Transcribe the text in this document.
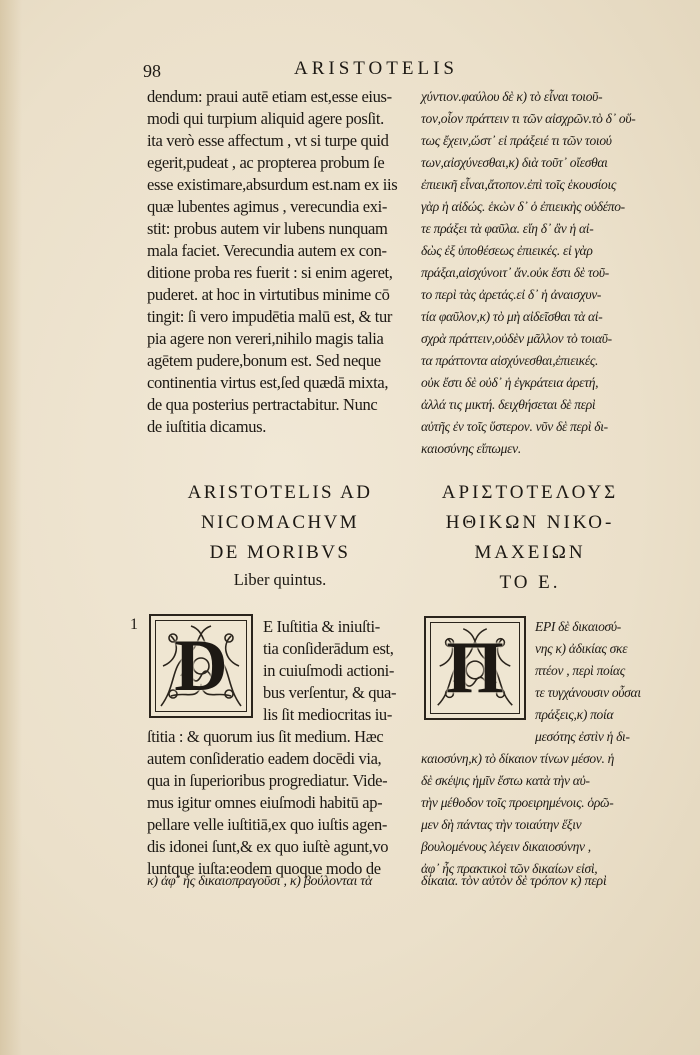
98	ARISTOTELIS
dendum: praui autē etiam est,esse eius-
modi qui turpium aliquid agere posſit.
ita verò esse affectum , vt si turpe quid
egerit,pudeat , ac propterea probum ſe
esse existimare,absurdum est.nam ex iis
quæ lubentes agimus , verecundia exi-
stit: probus autem vir lubens nunquam
mala faciet. Verecundia autem ex con-
ditione proba res fuerit : si enim ageret,
puderet. at hoc in virtutibus minime cō
tingit: ſi vero impudētia malū est, & tur
pia agere non vereri,nihilo magis talia
agētem pudere,bonum est. Sed neque
continentia virtus est,ſed quædā mixta,
de qua posterius pertractabitur. Nunc
de iuſtitia dicamus.
χύντιον.φαύλου δὲ κ) τὸ εἶναι τοιοῦ-
τον,οἷον πράττειν τι τῶν αἰσχρῶν.τὸ δ᾽ οὕ-
τως ἔχειν,ὥστ᾽ εἰ πράξειέ τι τῶν τοιού
των,αἰσχύνεσθαι,κ) διὰ τοῦτ᾽ οἴεσθαι
ἐπιεικῆ εἶναι,ἄτοπον.ἐπὶ τοῖς ἑκουσίοις
γὰρ ἡ αἰδώς. ἑκὼν δ᾽ ὁ ἐπιεικὴς οὐδέπο-
τε πράξει τὰ φαῦλα. εἴη δ᾽ ἂν ἡ αἰ-
δὼς ἐξ ὑποθέσεως ἐπιεικές. εἰ γὰρ
πράξαι,αἰσχύνοιτ᾽ ἄν.οὐκ ἔστι δὲ τοῦ-
το περὶ τὰς ἀρετάς.εἰ δ᾽ ἡ ἀναισχυν-
τία φαῦλον,κ) τὸ μὴ αἰδεῖσθαι τὰ αἰ-
σχρὰ πράττειν,οὐδὲν μᾶλλον τὸ τοιαῦ-
τα πράττοντα αἰσχύνεσθαι,ἐπιεικές.
οὐκ ἔστι δὲ οὐδ᾽ ἡ ἐγκράτεια ἀρετή,
ἀλλά τις μικτή. δειχθήσεται δὲ περὶ
αὐτῆς ἐν τοῖς ὕστερον. νῦν δὲ περὶ δι-
καιοσύνης εἴπωμεν.
ARISTOTELIS AD
NICOMACHVM
DE MORIBVS
Liber quintus.
ΑΡΙΣΤΟΤΕΛΟΥΣ
ΗΘΙΚΩΝ ΝΙΚΟ-
ΜΑΧΕΙΩΝ
ΤΟ Ε.
1 D	Π
E Iuſtitia & iniuſti-
tia conſiderādum est,
in cuiuſmodi actioni-
bus verſentur, & qua-
lis ſit mediocritas iu-
ſtitia : & quorum ius ſit medium. Hæc
autem conſideratio eadem docēdi via,
qua in ſuperioribus progrediatur. Vide-
mus igitur omnes eiuſmodi habitū ap-
pellare velle iuſtitiā,ex quo iuſtis agen-
dis idonei ſunt,& ex quo iuſtè agunt,vo
luntque iuſta:eodem quoque modo de
ΕΡΙ δὲ δικαιοσύ-
νης κ) ἀδικίας σκε
πτέον , περὶ ποίας
τε τυγχάνουσιν οὖσαι
πράξεις,κ) ποία
μεσότης ἐστὶν ἡ δι-
καιοσύνη,κ) τὸ δίκαιον τίνων μέσον. ἡ
δὲ σκέψις ἡμῖν ἔστω κατὰ τὴν αὐ-
τὴν μέθοδον τοῖς προειρημένοις. ὁρῶ-
μεν δὴ πάντας τὴν τοιαύτην ἕξιν
βουλομένους λέγειν δικαιοσύνην ,
ἀφ᾽ ἧς πρακτικοὶ τῶν δικαίων εἰσὶ,
κ) ἀφ᾽ ἧς δικαιοπραγοῦσι , κ) βούλονται τὰ	δίκαια. τὸν αὐτὸν δὲ τρόπον κ) περὶ
